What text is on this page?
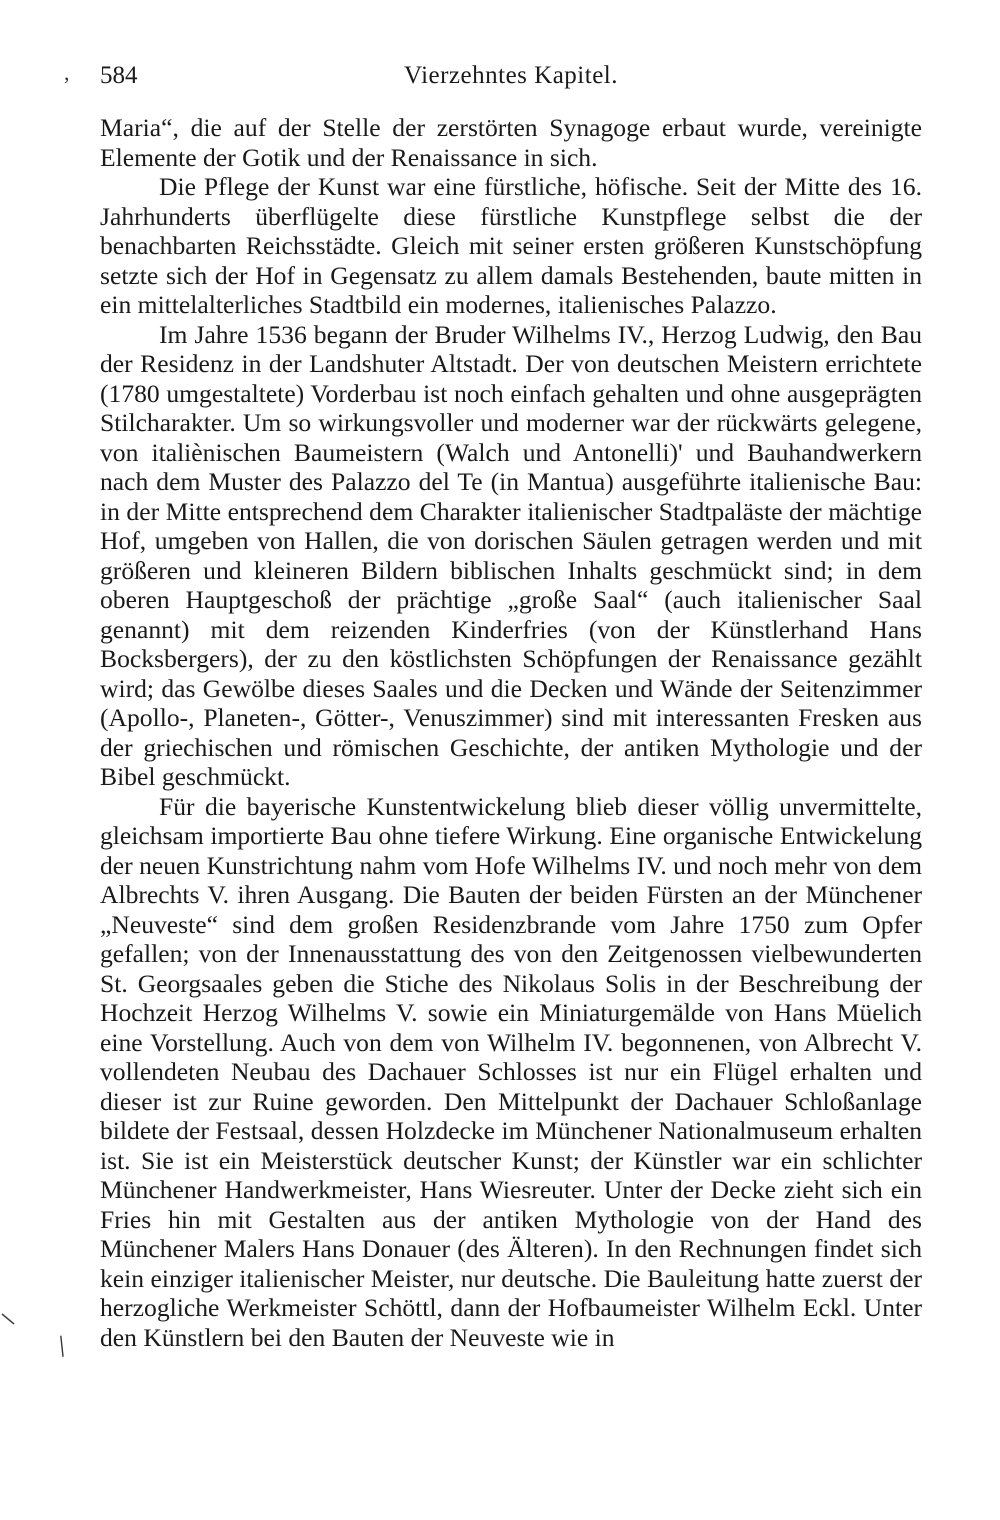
584	Vierzehntes Kapitel.
,
/

Maria“, die auf der Stelle der zerstörten Synagoge erbaut wurde, vereinigte Elemente der Gotik und der Renaissance in sich.

Die Pflege der Kunst war eine fürstliche, höfische. Seit der Mitte des 16. Jahrhunderts überflügelte diese fürstliche Kunstpflege selbst die der benachbarten Reichsstädte. Gleich mit seiner ersten größeren Kunstschöpfung setzte sich der Hof in Gegensatz zu allem damals Bestehenden, baute mitten in ein mittelalterliches Stadtbild ein modernes, italienisches Palazzo.

Im Jahre 1536 begann der Bruder Wilhelms IV., Herzog Ludwig, den Bau der Residenz in der Landshuter Altstadt. Der von deutschen Meistern errichtete (1780 umgestaltete) Vorderbau ist noch einfach gehalten und ohne ausgeprägten Stilcharakter. Um so wirkungsvoller und moderner war der rückwärts gelegene, von italiènischen Baumeistern (Walch und Antonelli)' und Bauhandwerkern nach dem Muster des Palazzo del Te (in Mantua) ausgeführte italienische Bau: in der Mitte entsprechend dem Charakter italienischer Stadtpaläste der mächtige Hof, umgeben von Hallen, die von dorischen Säulen getragen werden und mit größeren und kleineren Bildern biblischen Inhalts geschmückt sind; in dem oberen Hauptgeschoß der prächtige „große Saal“ (auch italienischer Saal genannt) mit dem reizenden Kinderfries (von der Künstlerhand Hans Bocksbergers), der zu den köstlichsten Schöpfungen der Renaissance gezählt wird; das Gewölbe dieses Saales und die Decken und Wände der Seitenzimmer (Apollo-, Planeten-, Götter-, Venuszimmer) sind mit interessanten Fresken aus der griechischen und römischen Geschichte, der antiken Mythologie und der Bibel geschmückt.

Für die bayerische Kunstentwickelung blieb dieser völlig unvermittelte, gleichsam importierte Bau ohne tiefere Wirkung. Eine organische Entwickelung der neuen Kunstrichtung nahm vom Hofe Wilhelms IV. und noch mehr von dem Albrechts V. ihren Ausgang. Die Bauten der beiden Fürsten an der Münchener „Neuveste“ sind dem großen Residenzbrande vom Jahre 1750 zum Opfer gefallen; von der Innenausstattung des von den Zeitgenossen vielbewunderten St. Georgsaales geben die Stiche des Nikolaus Solis in der Beschreibung der Hochzeit Herzog Wilhelms V. sowie ein Miniaturgemälde von Hans Müelich eine Vorstellung. Auch von dem von Wilhelm IV. begonnenen, von Albrecht V. vollendeten Neubau des Dachauer Schlosses ist nur ein Flügel erhalten und dieser ist zur Ruine geworden. Den Mittelpunkt der Dachauer Schloßanlage bildete der Festsaal, dessen Holzdecke im Münchener Nationalmuseum erhalten ist. Sie ist ein Meisterstück deutscher Kunst; der Künstler war ein schlichter Münchener Handwerkmeister, Hans Wiesreuter. Unter der Decke zieht sich ein Fries hin mit Gestalten aus der antiken Mythologie von der Hand des Münchener Malers Hans Donauer (des Älteren). In den Rechnungen findet sich kein einziger italienischer Meister, nur deutsche. Die Bauleitung hatte zuerst der herzogliche Werkmeister Schöttl, dann der Hofbaumeister Wilhelm Eckl. Unter den Künstlern bei den Bauten der Neuveste wie in
